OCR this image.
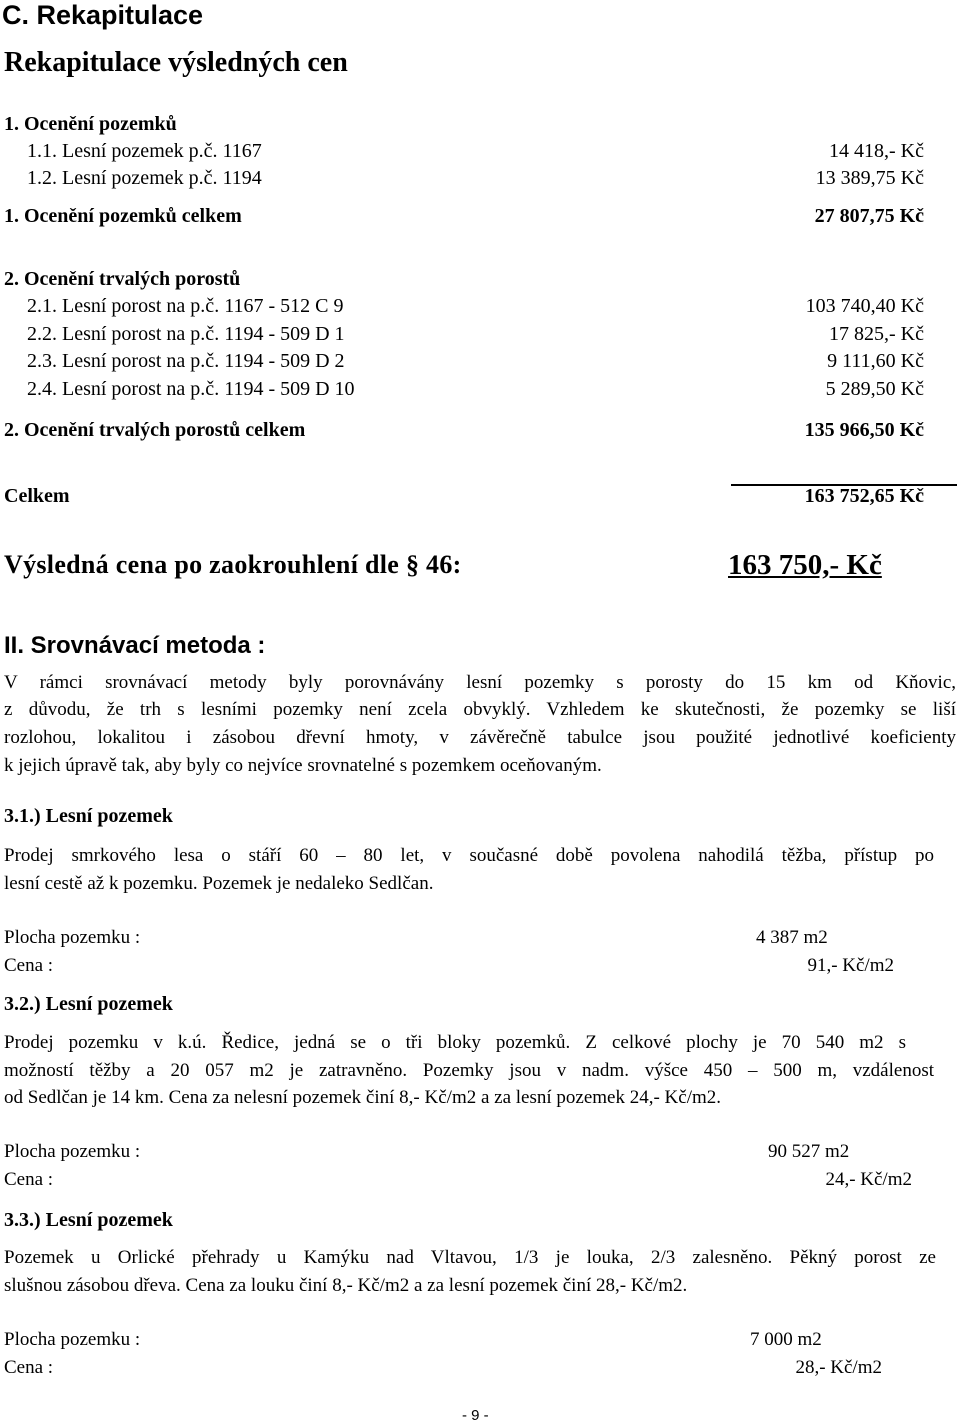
C. Rekapitulace
Rekapitulace výsledných cen
1. Ocenění pozemků
1.1. Lesní pozemek p.č. 1167	14 418,- Kč
1.2. Lesní pozemek p.č. 1194	13 389,75 Kč
1. Ocenění pozemků celkem	27 807,75 Kč
2. Ocenění trvalých porostů
2.1. Lesní porost na p.č. 1167 - 512 C 9	103 740,40 Kč
2.2. Lesní porost na p.č. 1194 - 509 D 1	17 825,- Kč
2.3. Lesní porost na p.č. 1194 - 509 D 2	9 111,60 Kč
2.4. Lesní porost na p.č. 1194 - 509 D 10	5 289,50 Kč
2. Ocenění trvalých porostů celkem	135 966,50 Kč
Celkem	163 752,65 Kč
Výsledná cena po zaokrouhlení dle § 46:	163 750,- Kč
II. Srovnávací metoda :
V rámci srovnávací metody byly porovnávány lesní pozemky s porosty do 15 km od Kňovic,
z důvodu, že trh s lesními pozemky není zcela obvyklý. Vzhledem ke skutečnosti, že pozemky se liší
rozlohou, lokalitou i zásobou dřevní hmoty, v závěrečně tabulce jsou použité jednotlivé koeficienty
k jejich úpravě tak, aby byly co nejvíce srovnatelné s pozemkem oceňovaným.
3.1.) Lesní pozemek
Prodej smrkového lesa o stáří 60 – 80 let, v současné době povolena nahodilá těžba, přístup po
lesní cestě až k pozemku. Pozemek je nedaleko Sedlčan.
Plocha pozemku :	4 387 m2
Cena :	91,- Kč/m2
3.2.) Lesní pozemek
Prodej pozemku v k.ú. Ředice, jedná se o tři bloky pozemků. Z celkové plochy je 70 540 m2 s
možností těžby a 20 057 m2 je zatravněno. Pozemky jsou v nadm. výšce 450 – 500 m, vzdálenost
od Sedlčan je 14 km. Cena za nelesní pozemek činí 8,- Kč/m2 a za lesní pozemek 24,- Kč/m2.
Plocha pozemku :	90 527 m2
Cena :	24,- Kč/m2
3.3.) Lesní pozemek
Pozemek u Orlické přehrady u Kamýku nad Vltavou, 1/3 je louka, 2/3 zalesněno. Pěkný porost ze
slušnou zásobou dřeva. Cena za louku činí 8,- Kč/m2 a za lesní pozemek činí 28,- Kč/m2.
Plocha pozemku :	7 000 m2
Cena :	28,- Kč/m2
- 9 -
